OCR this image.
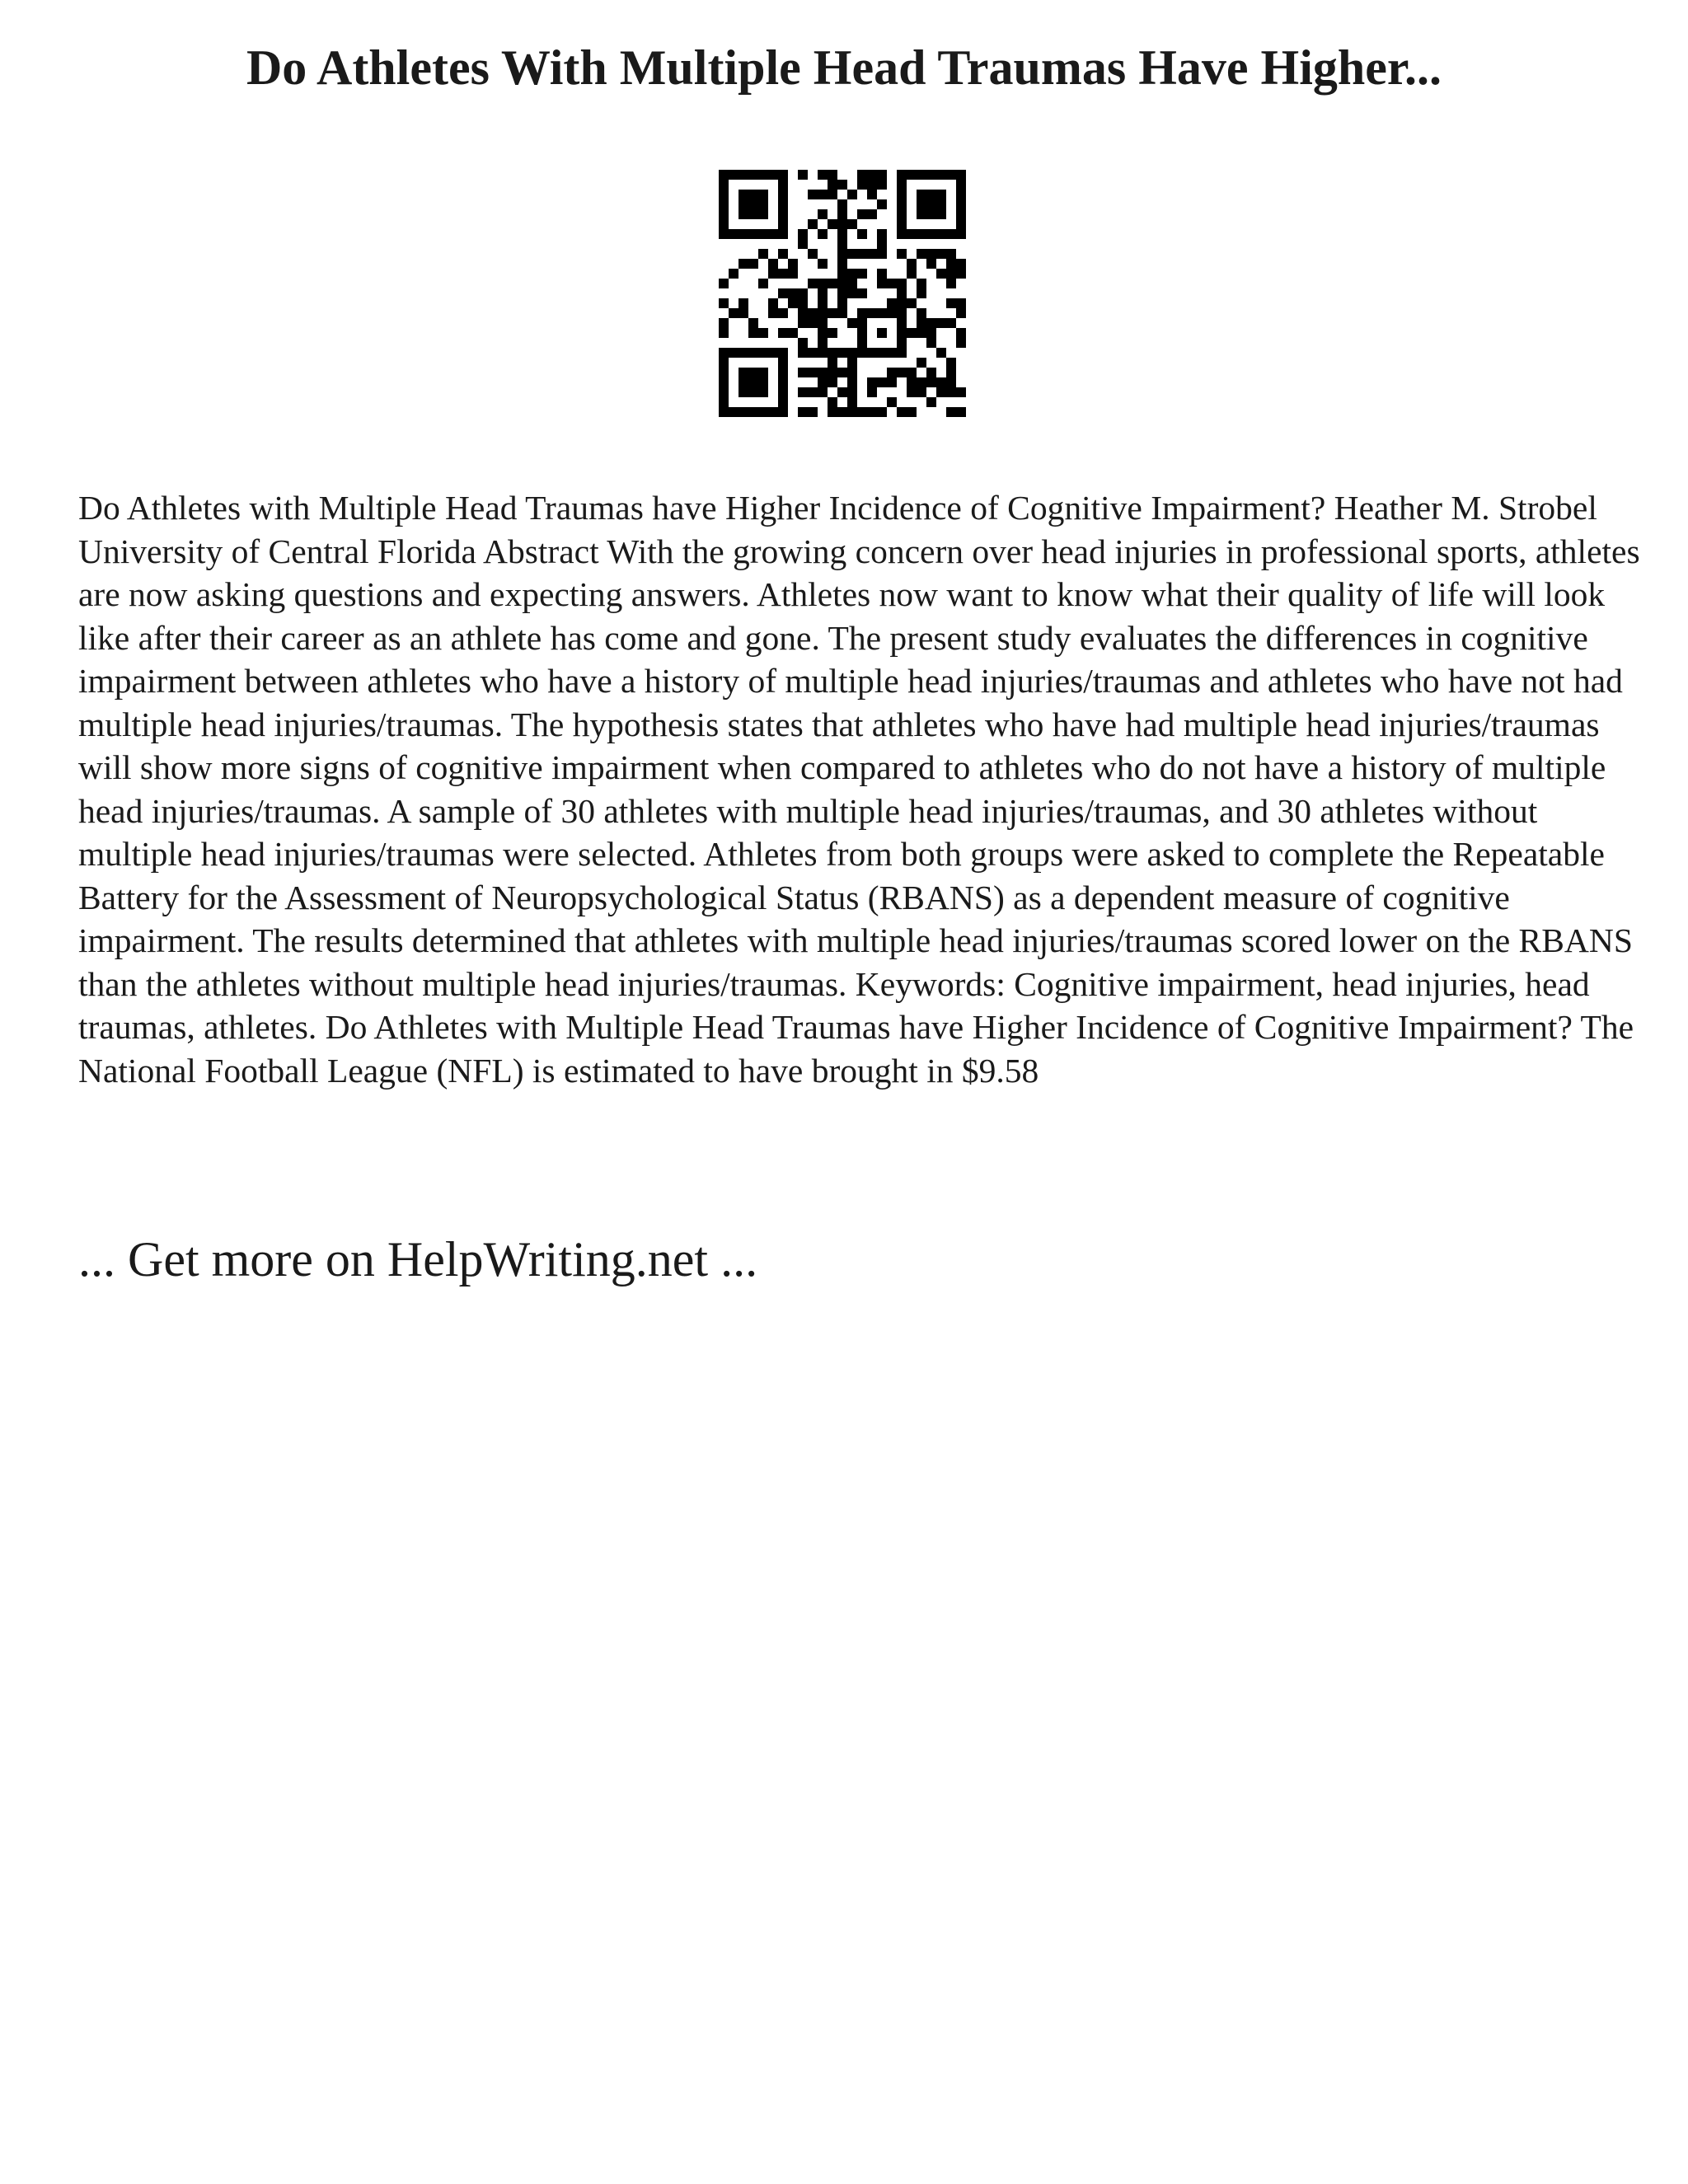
Do Athletes With Multiple Head Traumas Have Higher...

Do Athletes with Multiple Head Traumas have Higher Incidence of Cognitive Impairment? Heather M. Strobel University of Central Florida Abstract With the growing concern over head injuries in professional sports, athletes are now asking questions and expecting answers. Athletes now want to know what their quality of life will look like after their career as an athlete has come and gone. The present study evaluates the differences in cognitive impairment between athletes who have a history of multiple head injuries/traumas and athletes who have not had multiple head injuries/traumas. The hypothesis states that athletes who have had multiple head injuries/traumas will show more signs of cognitive impairment when compared to athletes who do not have a history of multiple head injuries/traumas. A sample of 30 athletes with multiple head injuries/traumas, and 30 athletes without multiple head injuries/traumas were selected. Athletes from both groups were asked to complete the Repeatable Battery for the Assessment of Neuropsychological Status (RBANS) as a dependent measure of cognitive impairment. The results determined that athletes with multiple head injuries/traumas scored lower on the RBANS than the athletes without multiple head injuries/traumas. Keywords: Cognitive impairment, head injuries, head traumas, athletes. Do Athletes with Multiple Head Traumas have Higher Incidence of Cognitive Impairment? The National Football League (NFL) is estimated to have brought in $9.58

... Get more on HelpWriting.net ...
